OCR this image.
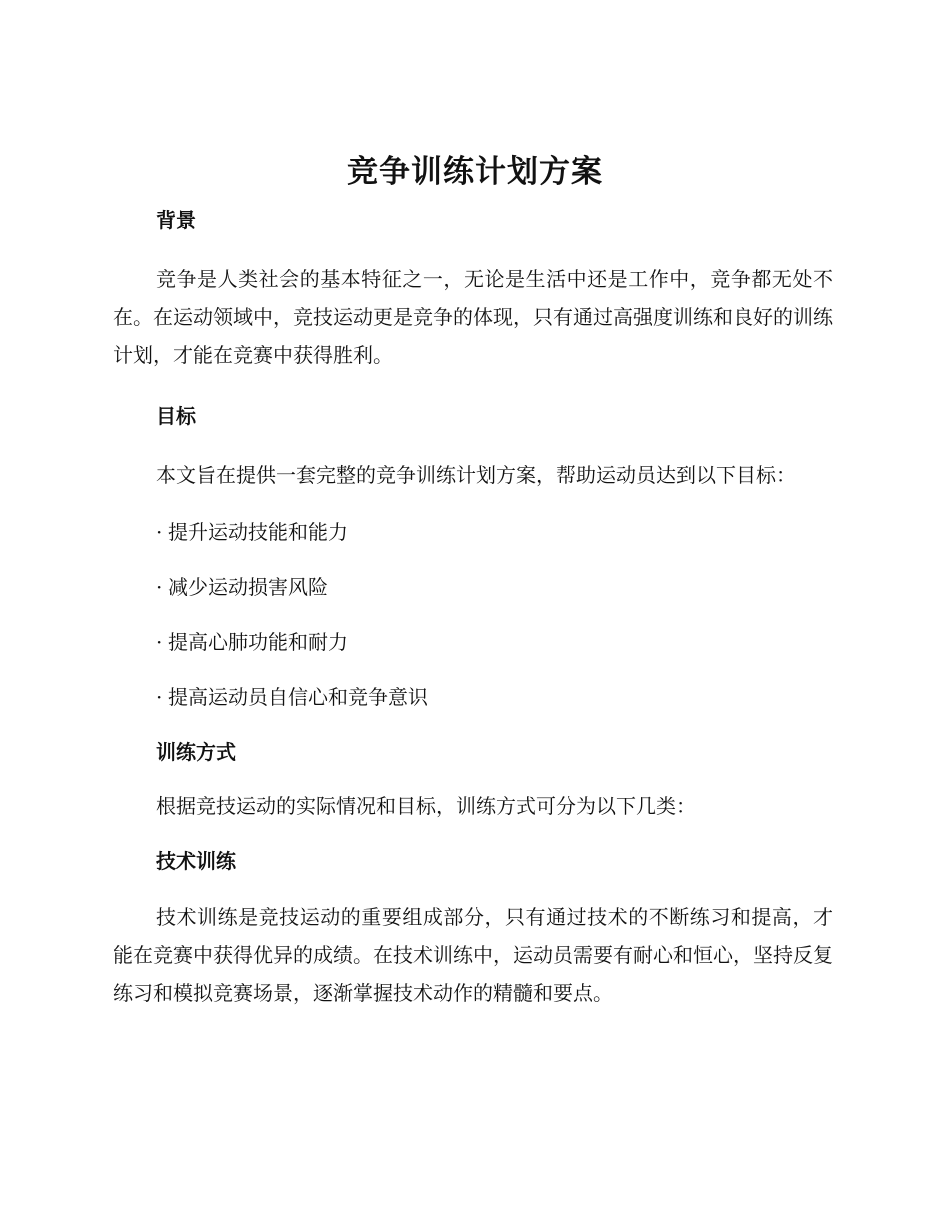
竞争训练计划方案
背景

竞争是人类社会的基本特征之一，无论是生活中还是工作中，竞争都无处不在。在运动领域中，竞技运动更是竞争的体现，只有通过高强度训练和良好的训练计划，才能在竞赛中获得胜利。

目标

本文旨在提供一套完整的竞争训练计划方案，帮助运动员达到以下目标：

· 提升运动技能和能力
· 减少运动损害风险
· 提高心肺功能和耐力
· 提高运动员自信心和竞争意识
训练方式

根据竞技运动的实际情况和目标，训练方式可分为以下几类：

技术训练

技术训练是竞技运动的重要组成部分，只有通过技术的不断练习和提高，才能在竞赛中获得优异的成绩。在技术训练中，运动员需要有耐心和恒心，坚持反复练习和模拟竞赛场景，逐渐掌握技术动作的精髓和要点。
